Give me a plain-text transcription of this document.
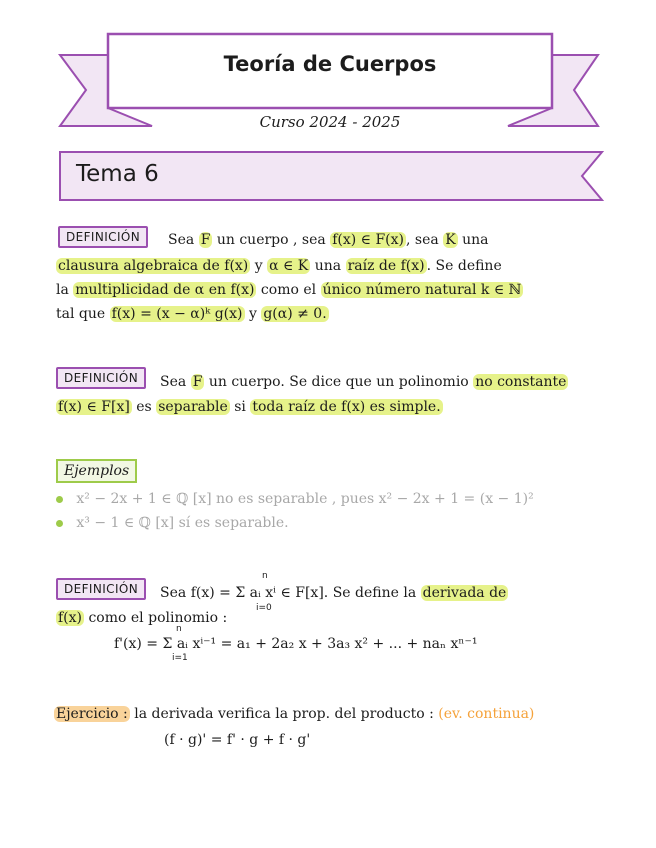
Teoría de Cuerpos
Curso 2024 - 2025
Tema 6
DEFINICIÓN	Sea F un cuerpo , sea f(x) ∈ F(x) , sea K una
clausura algebraica de f(x) y α ∈ K una raíz de f(x) . Se define
la multiplicidad de α en f(x) como el único número natural k ∈ ℕ
tal que f(x) = (x − α)ᵏ g(x) y g(α) ≠ 0.
DEFINICIÓN	Sea F un cuerpo. Se dice que un polinomio no constante
f(x) ∈ F[x] es separable si toda raíz de f(x) es simple.
Ejemplos
x² − 2x + 1 ∈ ℚ [x] no es separable , pues x² − 2x + 1 = (x − 1)²
x³ − 1 ∈ ℚ [x] sí es separable.
DEFINICIÓN	Sea f(x) = Σ aᵢ xⁱ ∈ F[x]. Se define la derivada de
n
i=0
f(x) como el polinomio :
n
f'(x) = Σ aᵢ xⁱ⁻¹ = a₁ + 2a₂ x + 3a₃ x² + ... + naₙ xⁿ⁻¹
i=1
Ejercicio : la derivada verifica la prop. del producto : (ev. continua)
(f · g)' = f' · g + f · g'
